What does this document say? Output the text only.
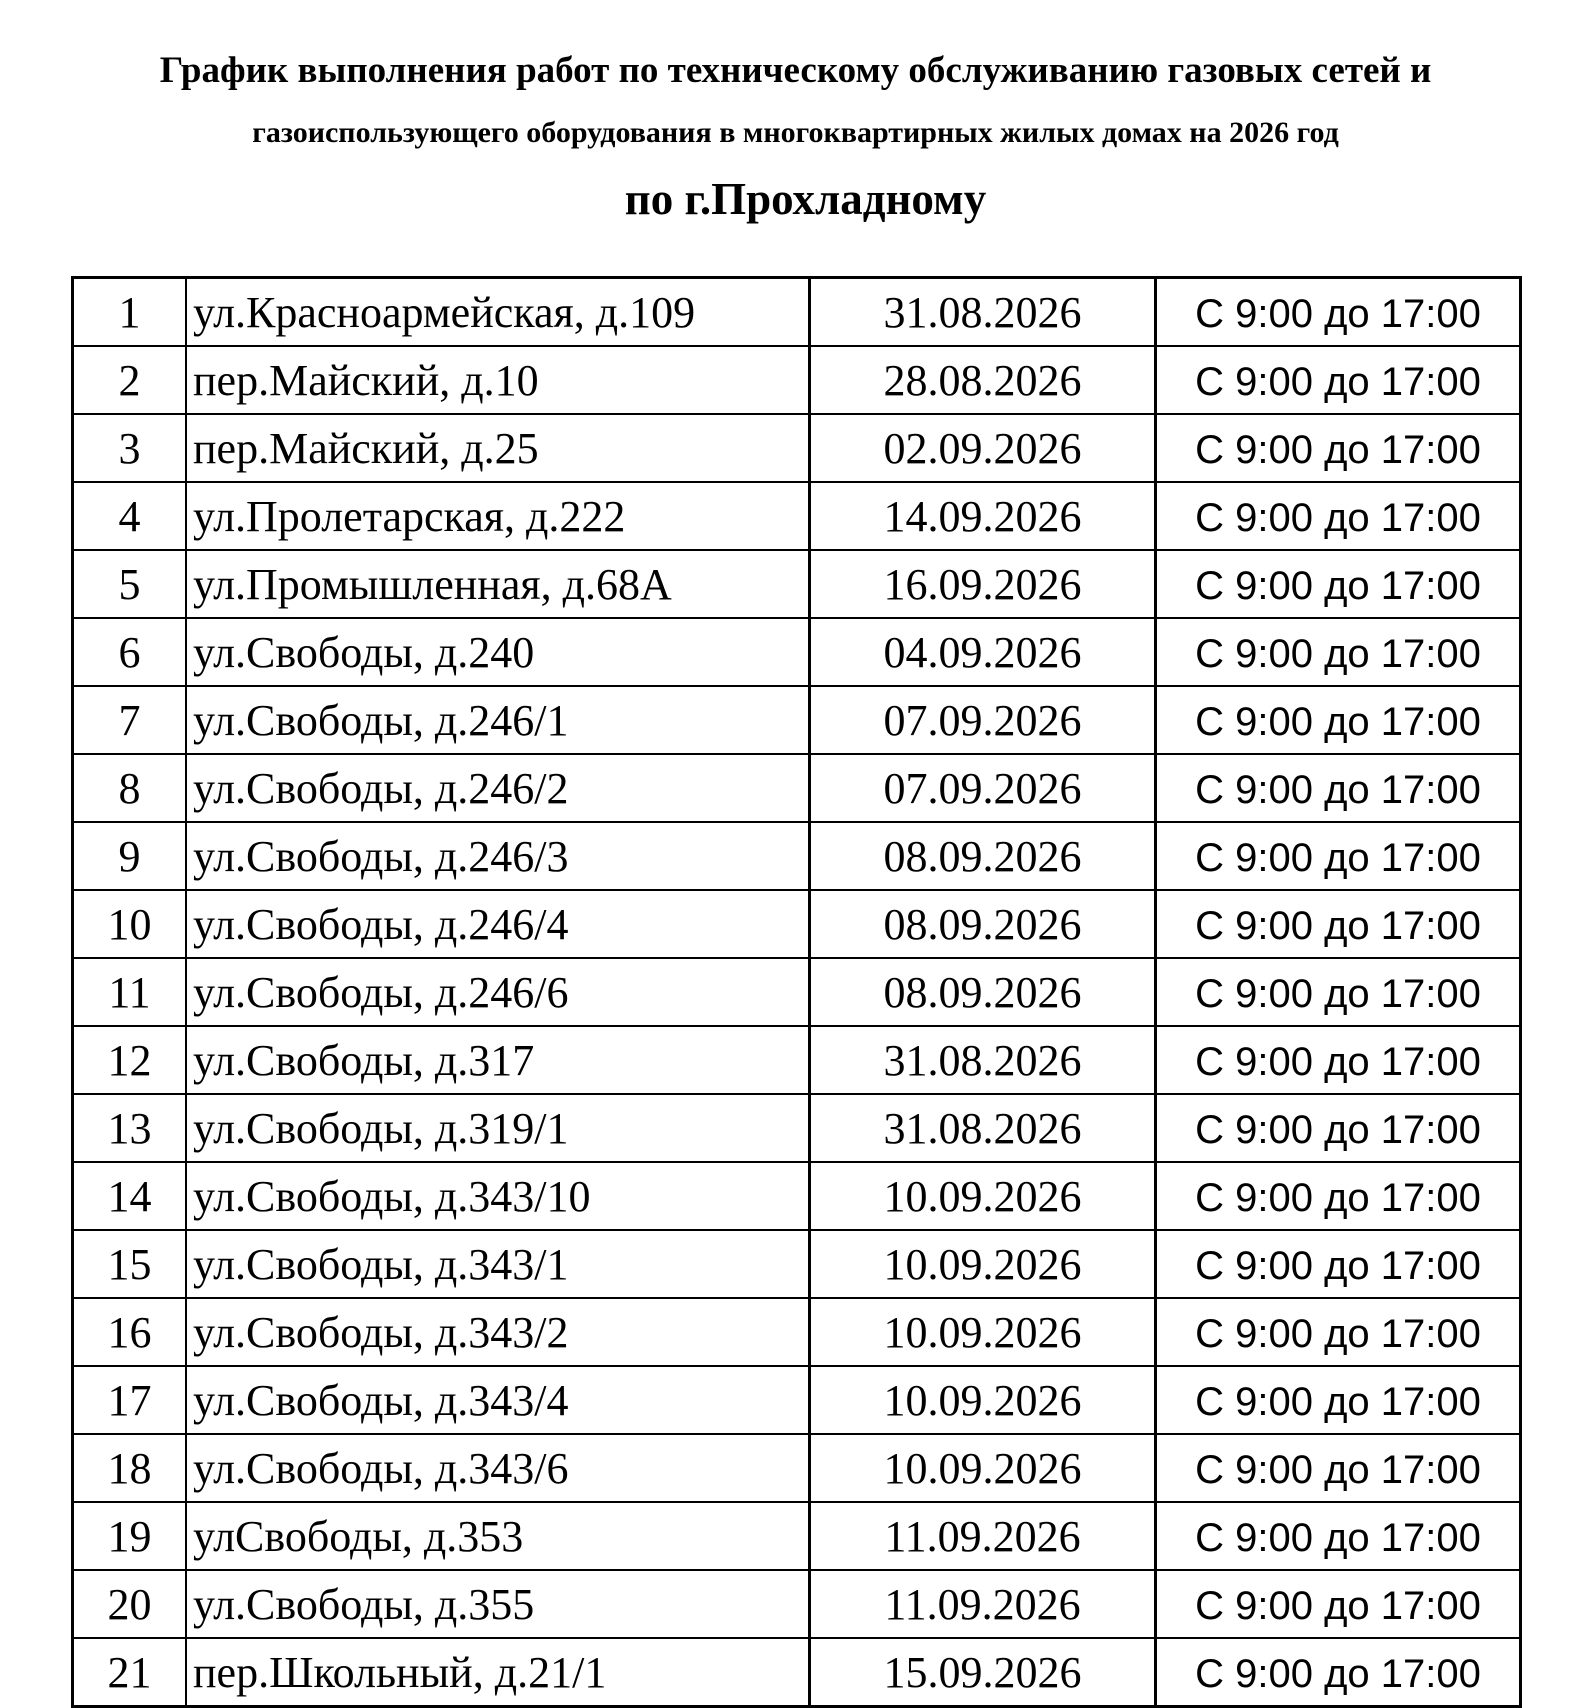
График выполнения работ по техническому обслуживанию газовых сетей и
газоиспользующего оборудования в многоквартирных жилых домах на 2026 год
по г.Прохладному
1	ул.Красноармейская, д.109	31.08.2026	С 9:00 до 17:00
2	пер.Майский, д.10	28.08.2026	С 9:00 до 17:00
3	пер.Майский, д.25	02.09.2026	С 9:00 до 17:00
4	ул.Пролетарская, д.222	14.09.2026	С 9:00 до 17:00
5	ул.Промышленная, д.68А	16.09.2026	С 9:00 до 17:00
6	ул.Свободы, д.240	04.09.2026	С 9:00 до 17:00
7	ул.Свободы, д.246/1	07.09.2026	С 9:00 до 17:00
8	ул.Свободы, д.246/2	07.09.2026	С 9:00 до 17:00
9	ул.Свободы, д.246/3	08.09.2026	С 9:00 до 17:00
10	ул.Свободы, д.246/4	08.09.2026	С 9:00 до 17:00
11	ул.Свободы, д.246/6	08.09.2026	С 9:00 до 17:00
12	ул.Свободы, д.317	31.08.2026	С 9:00 до 17:00
13	ул.Свободы, д.319/1	31.08.2026	С 9:00 до 17:00
14	ул.Свободы, д.343/10	10.09.2026	С 9:00 до 17:00
15	ул.Свободы, д.343/1	10.09.2026	С 9:00 до 17:00
16	ул.Свободы, д.343/2	10.09.2026	С 9:00 до 17:00
17	ул.Свободы, д.343/4	10.09.2026	С 9:00 до 17:00
18	ул.Свободы, д.343/6	10.09.2026	С 9:00 до 17:00
19	улСвободы, д.353	11.09.2026	С 9:00 до 17:00
20	ул.Свободы, д.355	11.09.2026	С 9:00 до 17:00
21	пер.Школьный, д.21/1	15.09.2026	С 9:00 до 17:00
